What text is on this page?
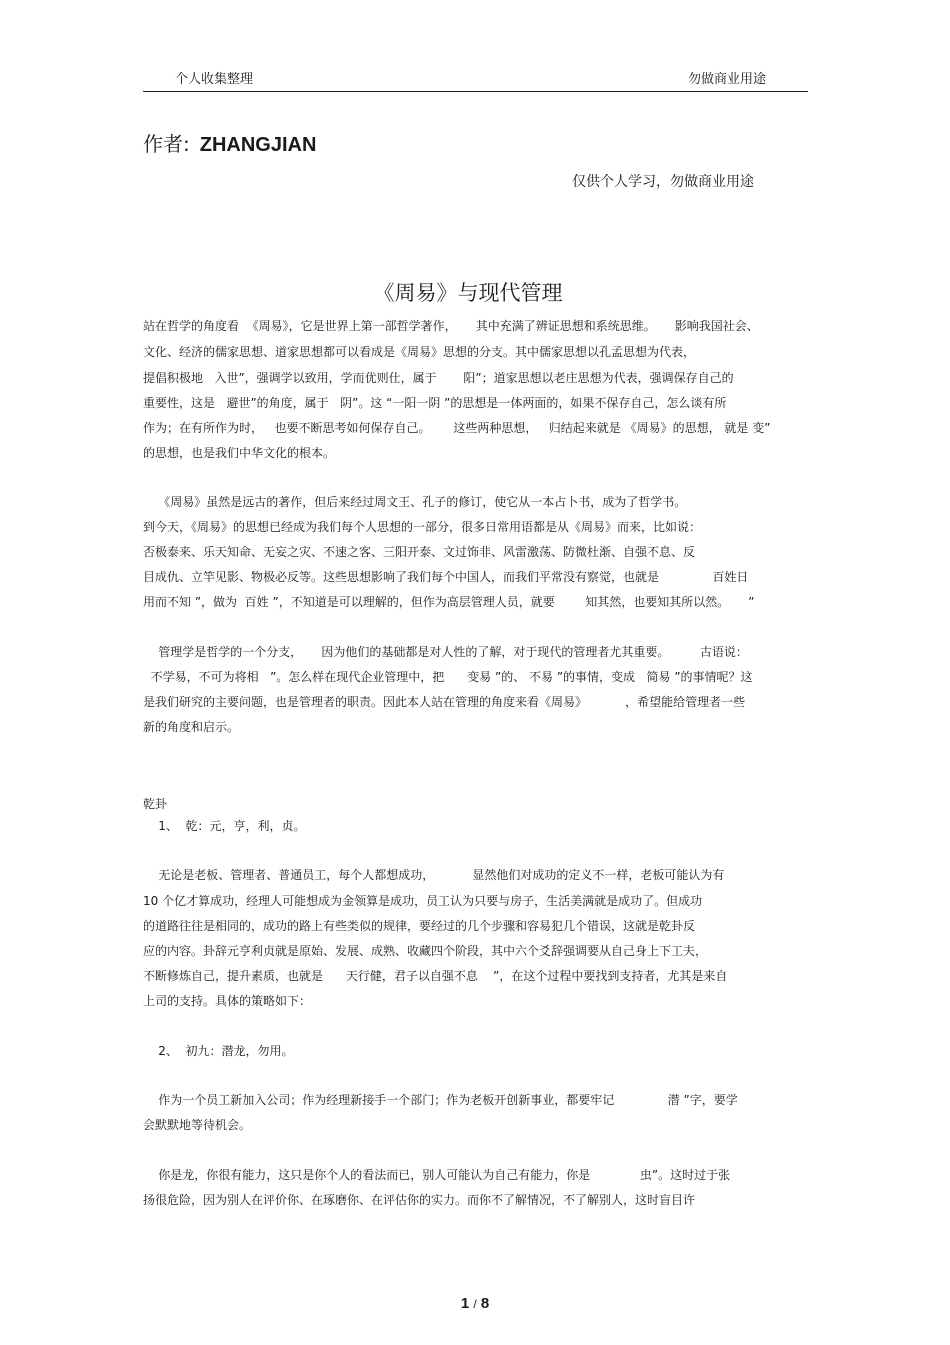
个人收集整理	勿做商业用途
作者: ZHANGJIAN
仅供个人学习，勿做商业用途
《周易》与现代管理
站在哲学的角度看  《周易》，它是世界上第一部哲学著作，     其中充满了辨证思想和系统思维。     影响我国社会、
文化、经济的儒家思想、道家思想都可以看成是《周易》思想的分支。其中儒家思想以孔孟思想为代表，
提倡积极地   入世”，强调学以致用，学而优则仕，属于       阳”；道家思想以老庄思想为代表，强调保存自己的
重要性，这是   避世”的角度，属于   阴”。这 “一阳一阴 ”的思想是一体两面的，如果不保存自己，怎么谈有所
作为；在有所作为时，   也要不断思考如何保存自己。      这些两种思想，   归结起来就是 《周易》的思想， 就是 变”
的思想，也是我们中华文化的根本。
《周易》虽然是远古的著作，但后来经过周文王、孔子的修订，使它从一本占卜书，成为了哲学书。
到今天，《周易》的思想已经成为我们每个人思想的一部分，很多日常用语都是从《周易》而来，比如说：
否极泰来、乐天知命、无妄之灾、不速之客、三阳开泰、文过饰非、风雷激荡、防微杜渐、自强不息、反
目成仇、立竿见影、物极必反等。这些思想影响了我们每个中国人，而我们平常没有察觉，也就是              百姓日
用而不知 ”，做为  百姓 ”，不知道是可以理解的，但作为高层管理人员，就要        知其然，也要知其所以然。     ”
管理学是哲学的一个分支，     因为他们的基础都是对人性的了解，对于现代的管理者尤其重要。        古语说：
不学易，不可为将相   ”。怎么样在现代企业管理中，把      变易 ”的、 不易 ”的事情，变成   简易 ”的事情呢？这
是我们研究的主要问题，也是管理者的职责。因此本人站在管理的角度来看《周易》          ，希望能给管理者一些
新的角度和启示。
乾卦
1、  乾：元，亨，利，贞。
无论是老板、管理者、普通员工，每个人都想成功，          显然他们对成功的定义不一样，老板可能认为有
10 个亿才算成功，经理人可能想成为金领算是成功，员工认为只要与房子，生活美满就是成功了。但成功
的道路往往是相同的，成功的路上有些类似的规律，要经过的几个步骤和容易犯几个错误，这就是乾卦反
应的内容。卦辞元亨利贞就是原始、发展、成熟、收藏四个阶段，其中六个爻辞强调要从自己身上下工夫，
不断修炼自己，提升素质，也就是      天行健，君子以自强不息    ”，在这个过程中要找到支持者，尤其是来自
上司的支持。具体的策略如下：
2、  初九：潜龙，勿用。
作为一个员工新加入公司；作为经理新接手一个部门；作为老板开创新事业，都要牢记              潜 ”字，要学
会默默地等待机会。
你是龙，你很有能力，这只是你个人的看法而已，别人可能认为自己有能力，你是             虫”。这时过于张
扬很危险，因为别人在评价你、在琢磨你、在评估你的实力。而你不了解情况，不了解别人，这时盲目许
1 / 8
